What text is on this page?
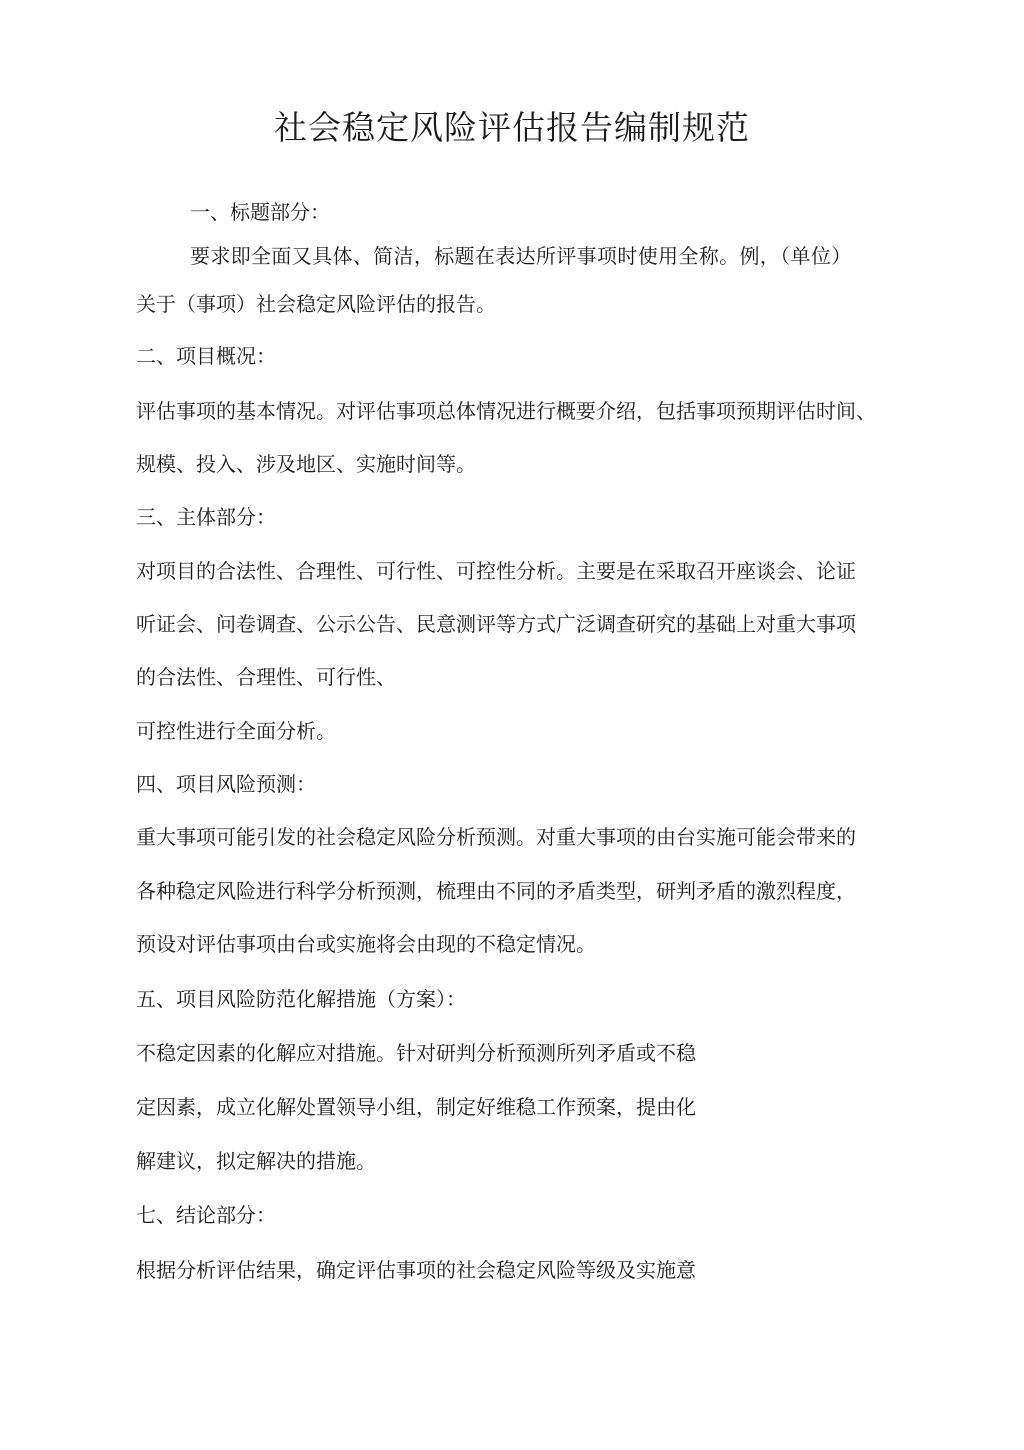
社会稳定风险评估报告编制规范
一、标题部分：
要求即全面又具体、简洁，标题在表达所评事项时使用全称。例，（单位）
关于（事项）社会稳定风险评估的报告。
二、项目概况：
评估事项的基本情况。对评估事项总体情况进行概要介绍，包括事项预期评估时间、
规模、投入、涉及地区、实施时间等。
三、主体部分：
对项目的合法性、合理性、可行性、可控性分析。主要是在采取召开座谈会、论证
听证会、问卷调查、公示公告、民意测评等方式广泛调查研究的基础上对重大事项
的合法性、合理性、可行性、
可控性进行全面分析。
四、项目风险预测：
重大事项可能引发的社会稳定风险分析预测。对重大事项的由台实施可能会带来的
各种稳定风险进行科学分析预测，梳理由不同的矛盾类型，研判矛盾的激烈程度，
预设对评估事项由台或实施将会由现的不稳定情况。
五、项目风险防范化解措施（方案）：
不稳定因素的化解应对措施。针对研判分析预测所列矛盾或不稳
定因素，成立化解处置领导小组，制定好维稳工作预案，提由化
解建议，拟定解决的措施。
七、结论部分：
根据分析评估结果，确定评估事项的社会稳定风险等级及实施意
